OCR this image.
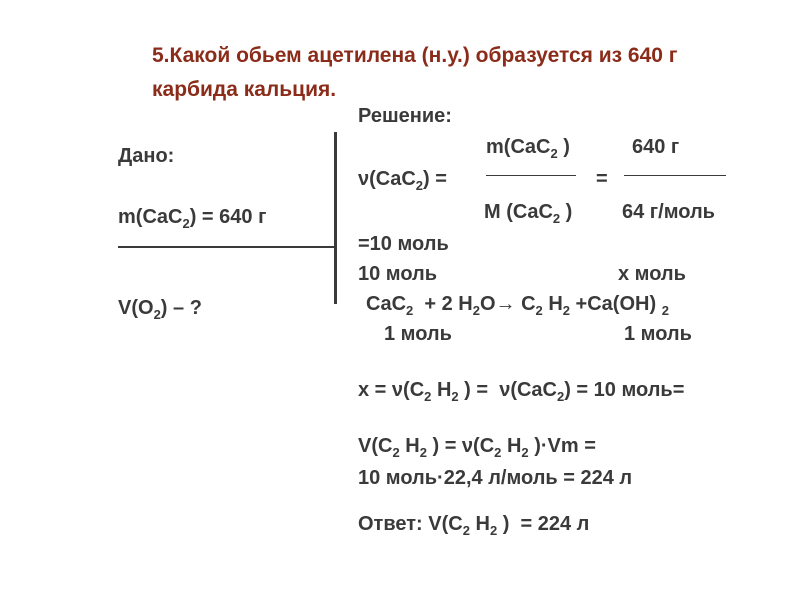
5.Какой обьем ацетилена (н.у.) образуется из 640 г
карбида кальция.
Дано:
m(CaC$_2$) = 640 г
$V(O_2)$ – ?
Решение:
m(CaC$_2$ )	640 г
ν(CaC$_2$) =	=
M (CaC$_2$ ) 64 г/моль
=10 моль
10 моль	x моль
CaC$_2$  + 2 $H_2O\to C_2$ $H_2 +Ca(OH)$ $_2$
1 моль	1 моль
$x = \nu(C_2$ $H_2$ ) =  ν(CaC$_2$) = 10 моль=
$V(C_2$ $H_2$ ) = $\nu(C_2$ $H_2$ )·Vm =
10 моль·22,4 л/моль = 224 л
Ответ: $V(C_2$ $H_2$ )  = 224 л
